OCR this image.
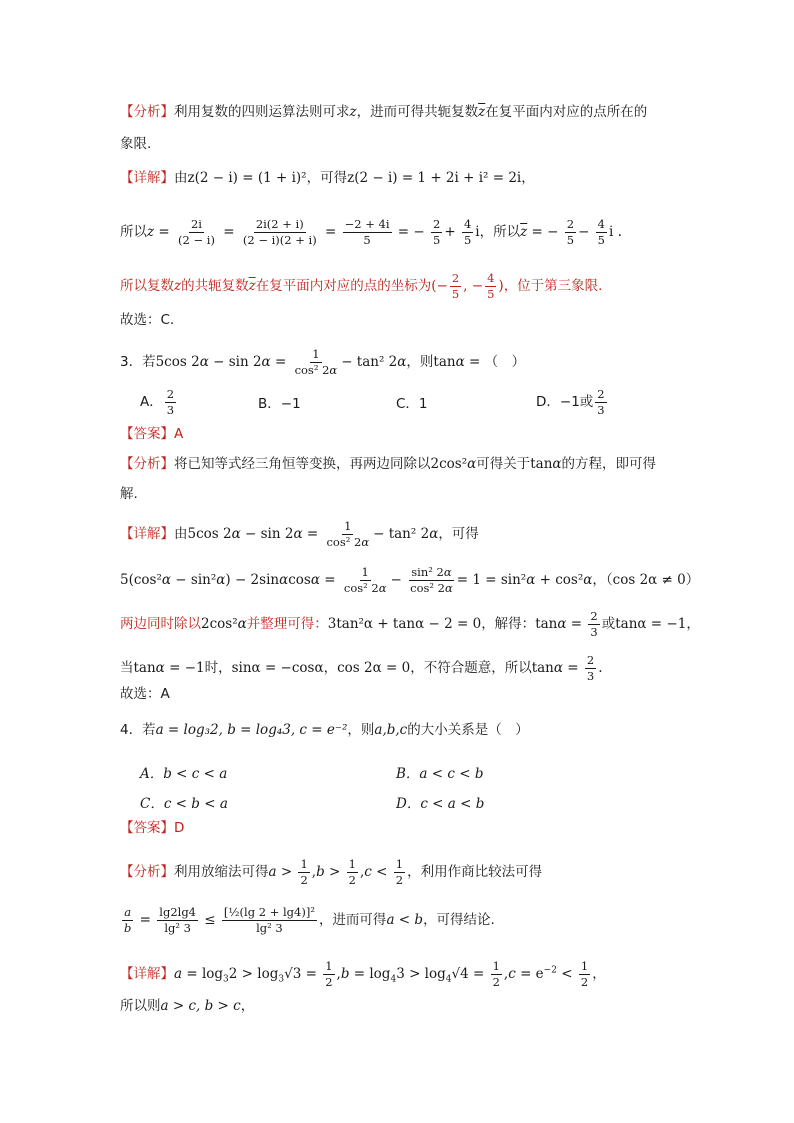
【分析】利用复数的四则运算法则可求z，进而可得共轭复数$\overline{z}$在复平面内对应的点所在的
象限.
【详解】由z(2 − i) = (1 + i)²，可得z(2 − i) = 1 + 2i + i² = 2i，
所以$z = \frac{2i}{(2 - i)} = \frac{2i(2 + i)}{(2 - i)(2 + i)} = \frac{-2 + 4i}{5}$ = − $\frac{2}{5} + \frac{4}{5}$ i，所以$\overline{z}$ = − $\frac{2}{5} - \frac{4}{5}$ i .
所以复数z的共轭复数$\overline{z}$在复平面内对应的点的坐标为(− $\frac{2}{5}$ , − $\frac{4}{5}$ )，位于第三象限.
故选：C.
3．若5cos $2\alpha - \sin 2\alpha = \frac{1}{\text{cos² 2α}} - \tan^2$ 2α，则tanα = （　）
A． $\frac{2}{3}$	B．−1	C．1	D．−1或 $\frac{2}{3}$
【答案】A
【分析】将已知等式经三角恒等变换，再两边同除以2cos²α可得关于tanα的方程，即可得
解.
【详解】由5cos $2\alpha - \sin 2\alpha = \frac{1}{\text{cos² 2α}} - \tan^2$ 2α，可得
$5(\cos^2\alpha - \sin^2\alpha) - 2\sin\alpha\cos\alpha = \frac{1}{\text{cos² 2α}} - \frac{\text{sin² 2α}}{\text{cos² 2α}} = 1 = \sin^2\alpha + \cos^2\alpha$，（cos 2α ≠ 0）
两边同时除以2cos²α并整理可得：3tan²α + tanα − 2 = 0，解得：$\tan\alpha = \frac{2}{3}$ 或tanα = −1，
当tanα = −1时，sinα = −cosα，cos 2α = 0，不符合题意，所以$\tan\alpha = \frac{2}{3}$ .
故选：A
4．若a = log₃2, b = log₄3, c = e⁻²，则a,b,c的大小关系是（　）
A．b < c < a	B．a < c < b
C．c < b < a	D．c < a < b
【答案】D
【分析】利用放缩法可得$a > \frac{1}{2} ,b > \frac{1}{2} ,c < \frac{1}{2}$ ，利用作商比较法可得
$\frac{a}{b} = \frac{\lg 2\lg 4}{\text{lg² 3}} \le \frac{\text{[½(lg 2 + lg4)]²}}{\text{lg² 3}}$ ，进而可得a < b，可得结论.
【详解】$a = \log_32 > \log_3√3 = \frac{1}{2} ,b = \log_43 > \log_4√4 = \frac{1}{2} ,c = e^{-2} < \frac{1}{2}$ ，
所以则a > c, b > c，
